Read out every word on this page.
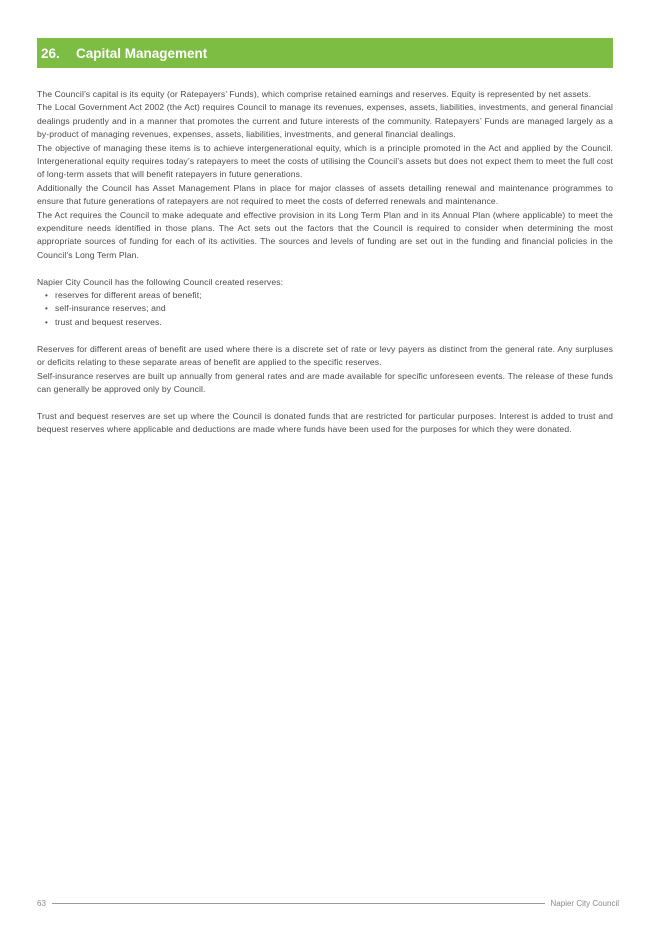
26.	Capital Management

The Council’s capital is its equity (or Ratepayers’ Funds), which comprise retained earnings and reserves. Equity is represented by net assets.

The Local Government Act 2002 (the Act) requires Council to manage its revenues, expenses, assets, liabilities, investments, and general financial dealings prudently and in a manner that promotes the current and future interests of the community. Ratepayers’ Funds are managed largely as a by-product of managing revenues, expenses, assets, liabilities, investments, and general financial dealings.

The objective of managing these items is to achieve intergenerational equity, which is a principle promoted in the Act and applied by the Council. Intergenerational equity requires today’s ratepayers to meet the costs of utilising the Council’s assets but does not expect them to meet the full cost of long-term assets that will benefit ratepayers in future generations.

Additionally the Council has Asset Management Plans in place for major classes of assets detailing renewal and maintenance programmes to ensure that future generations of ratepayers are not required to meet the costs of deferred renewals and maintenance.

The Act requires the Council to make adequate and effective provision in its Long Term Plan and in its Annual Plan (where applicable) to meet the expenditure needs identified in those plans. The Act sets out the factors that the Council is required to consider when determining the most appropriate sources of funding for each of its activities. The sources and levels of funding are set out in the funding and financial policies in the Council’s Long Term Plan.

Napier City Council has the following Council created reserves:

• reserves for different areas of benefit;
• self-insurance reserves; and
• trust and bequest reserves.

Reserves for different areas of benefit are used where there is a discrete set of rate or levy payers as distinct from the general rate. Any surpluses or deficits relating to these separate areas of benefit are applied to the specific reserves.

Self-insurance reserves are built up annually from general rates and are made available for specific unforeseen events. The release of these funds can generally be approved only by Council.

Trust and bequest reserves are set up where the Council is donated funds that are restricted for particular purposes. Interest is added to trust and bequest reserves where applicable and deductions are made where funds have been used for the purposes for which they were donated.

63	Napier City Council
